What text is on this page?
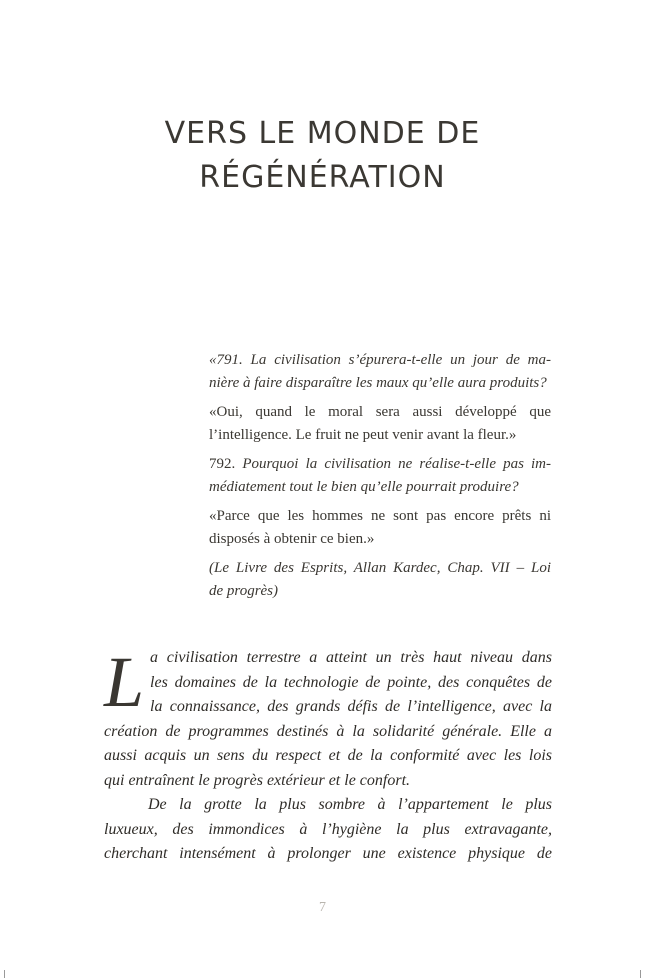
VERS LE MONDE DE
RÉGÉNÉRATION

«791. La civilisation s’épurera-t-elle un jour de ma-
nière à faire disparaître les maux qu’elle aura produits?

«Oui, quand le moral sera aussi développé que
l’intelligence. Le fruit ne peut venir avant la fleur.»

792. Pourquoi la civilisation ne réalise-t-elle pas im-
médiatement tout le bien qu’elle pourrait produire?

«Parce que les hommes ne sont pas encore prêts ni
disposés à obtenir ce bien.»

(Le Livre des Esprits, Allan Kardec, Chap. VII – Loi
de progrès)

L a civilisation terrestre a atteint un très haut niveau dans
les domaines de la technologie de pointe, des conquêtes de
la connaissance, des grands défis de l’intelligence, avec la
création de programmes destinés à la solidarité générale. Elle a
aussi acquis un sens du respect et de la conformité avec les lois
qui entraînent le progrès extérieur et le confort.
De la grotte la plus sombre à l’appartement le plus
luxueux, des immondices à l’hygiène la plus extravagante,
cherchant intensément à prolonger une existence physique de
7
